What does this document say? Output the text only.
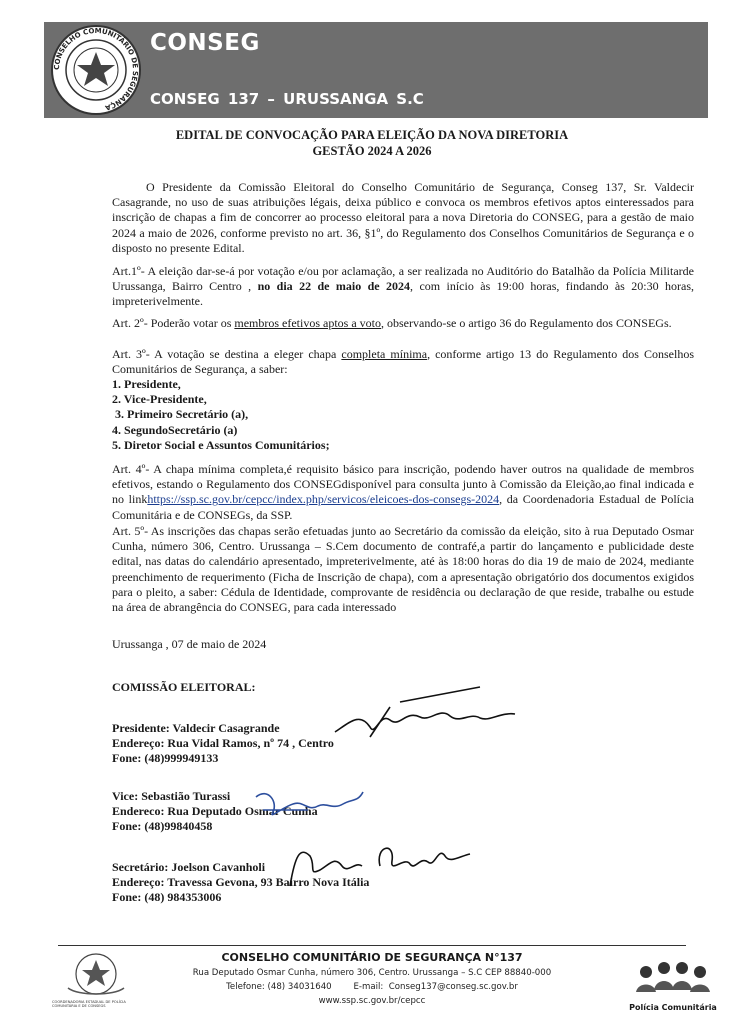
CONSELHO COMUNITÁRIO DE SEGURANÇA
CONSEG
CONSEG 137 – URUSSANGA S.C
EDITAL DE CONVOCAÇÃO PARA ELEIÇÃO DA NOVA DIRETORIA
GESTÃO 2024 A 2026
O Presidente da Comissão Eleitoral do Conselho Comunitário de Segurança, Conseg 137, Sr. Valdecir Casagrande, no uso de suas atribuições légais, deixa público e convoca os membros efetivos aptos einteressados para inscrição de chapas a fim de concorrer ao processo eleitoral para a nova Diretoria do CONSEG, para a gestão de maio 2024 a maio de 2026, conforme previsto no art. 36, §1º, do Regulamento dos Conselhos Comunitários de Segurança e o disposto no presente Edital.
Art.1º- A eleição dar-se-á por votação e/ou por aclamação, a ser realizada no Auditório do Batalhão da Polícia Militarde Urussanga, Bairro Centro , no dia 22 de maio de 2024, com início às 19:00 horas, findando às 20:30 horas, impreterivelmente.
Art. 2º- Poderão votar os membros efetivos aptos a voto, observando-se o artigo 36 do Regulamento dos CONSEGs.
Art. 3º- A votação se destina a eleger chapa completa mínima, conforme artigo 13 do Regulamento dos Conselhos Comunitários de Segurança, a saber:
1. Presidente,
2. Vice-Presidente,
3. Primeiro Secretário (a),
4. SegundoSecretário (a)
5. Diretor Social e Assuntos Comunitários;
Art. 4º- A chapa mínima completa,é requisito básico para inscrição, podendo haver outros na qualidade de membros efetivos, estando o Regulamento dos CONSEGdisponível para consulta junto à Comissão da Eleição,ao final indicada e no linkhttps://ssp.sc.gov.br/cepcc/index.php/servicos/eleicoes-dos-consegs-2024, da Coordenadoria Estadual de Polícia Comunitária e de CONSEGs, da SSP.
Art. 5º- As inscrições das chapas serão efetuadas junto ao Secretário da comissão da eleição, sito à rua Deputado Osmar Cunha, número 306, Centro. Urussanga – S.Cem documento de contrafé,a partir do lançamento e publicidade deste edital, nas datas do calendário apresentado, impreterivelmente, até às 18:00 horas do dia 19 de maio de 2024, mediante preenchimento de requerimento (Ficha de Inscrição de chapa), com a apresentação obrigatório dos documentos exigidos para o pleito, a saber: Cédula de Identidade, comprovante de residência ou declaração de que reside, trabalhe ou estude na área de abrangência do CONSEG, para cada interessado
Urussanga , 07 de maio de 2024
COMISSÃO ELEITORAL:
Presidente: Valdecir Casagrande
Endereço: Rua Vidal Ramos, nº 74 , Centro
Fone: (48)999949133
Vice: Sebastião Turassi
Endereco: Rua Deputado Osmar Cunha
Fone: (48)99840458
Secretário: Joelson Cavanholi
Endereço: Travessa Gevona, 93 Bairro Nova Itália
Fone: (48) 984353006
COORDENADORIA ESTADUAL DE POLÍCIA COMUNITÁRIA E DE CONSEGS
CONSELHO COMUNITÁRIO DE SEGURANÇA N°137
Rua Deputado Osmar Cunha, número 306, Centro. Urussanga – S.C CEP 88840-000
Telefone: (48) 34031640        E-mail:  Conseg137@conseg.sc.gov.br
www.ssp.sc.gov.br/cepcc
Polícia Comunitária
